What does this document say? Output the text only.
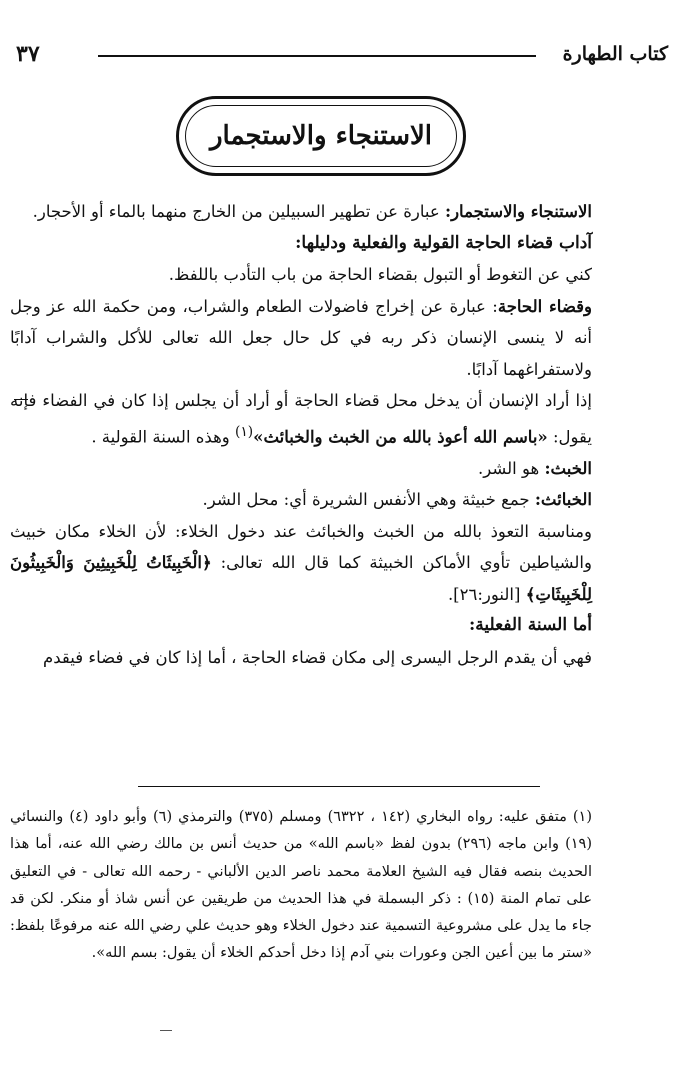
كتاب الطهارة
٣٧
الاستنجاء والاستجمار

الاستنجاء والاستجمار: عبارة عن تطهير السبيلين من الخارج منهما بالماء أو الأحجار.

آداب قضاء الحاجة القولية والفعلية ودليلها:

كني عن التغوط أو التبول بقضاء الحاجة من باب التأدب باللفظ.

وقضاء الحاجة: عبارة عن إخراج فاضولات الطعام والشراب، ومن حكمة الله عز وجل أنه لا ينسى الإنسان ذكر ربه في كل حال جعل الله تعالى للأكل والشراب آدابًا ولاستفراغهما آدابًا.

إذا أراد الإنسان أن يدخل محل قضاء الحاجة أو أراد أن يجلس إذا كان في الفضاء فإنه يقول: «باسم الله أعوذ بالله من الخبث والخبائث»$^{(١)}$ وهذه السنة القولية .

الخبث: هو الشر.

الخبائث: جمع خبيثة وهي الأنفس الشريرة أي: محل الشر.

ومناسبة التعوذ بالله من الخبث والخبائث عند دخول الخلاء: لأن الخلاء مكان خبيث والشياطين تأوي الأماكن الخبيثة كما قال الله تعالى: ﴿الْخَبِيثَاتُ لِلْخَبِيثِينَ وَالْخَبِيثُونَ لِلْخَبِيثَاتِ﴾ [النور:٢٦].

أما السنة الفعلية:

فهي أن يقدم الرجل اليسرى إلى مكان قضاء الحاجة ، أما إذا كان في فضاء فيقدم

(١) متفق عليه: رواه البخاري (١٤٢ ، ٦٣٢٢) ومسلم (٣٧٥) والترمذي (٦) وأبو داود (٤) والنسائي (١٩) وابن ماجه (٢٩٦) بدون لفظ «باسم الله» من حديث أنس بن مالك رضي الله عنه، أما هذا الحديث بنصه فقال فيه الشيخ العلامة محمد ناصر الدين الألباني - رحمه الله تعالى - في التعليق على تمام المنة (١٥) : ذكر البسملة في هذا الحديث من طريقين عن أنس شاذ أو منكر. لكن قد جاء ما يدل على مشروعية التسمية عند دخول الخلاء وهو حديث علي رضي الله عنه مرفوعًا بلفظ: «ستر ما بين أعين الجن وعورات بني آدم إذا دخل أحدكم الخلاء أن يقول: بسم الله».
